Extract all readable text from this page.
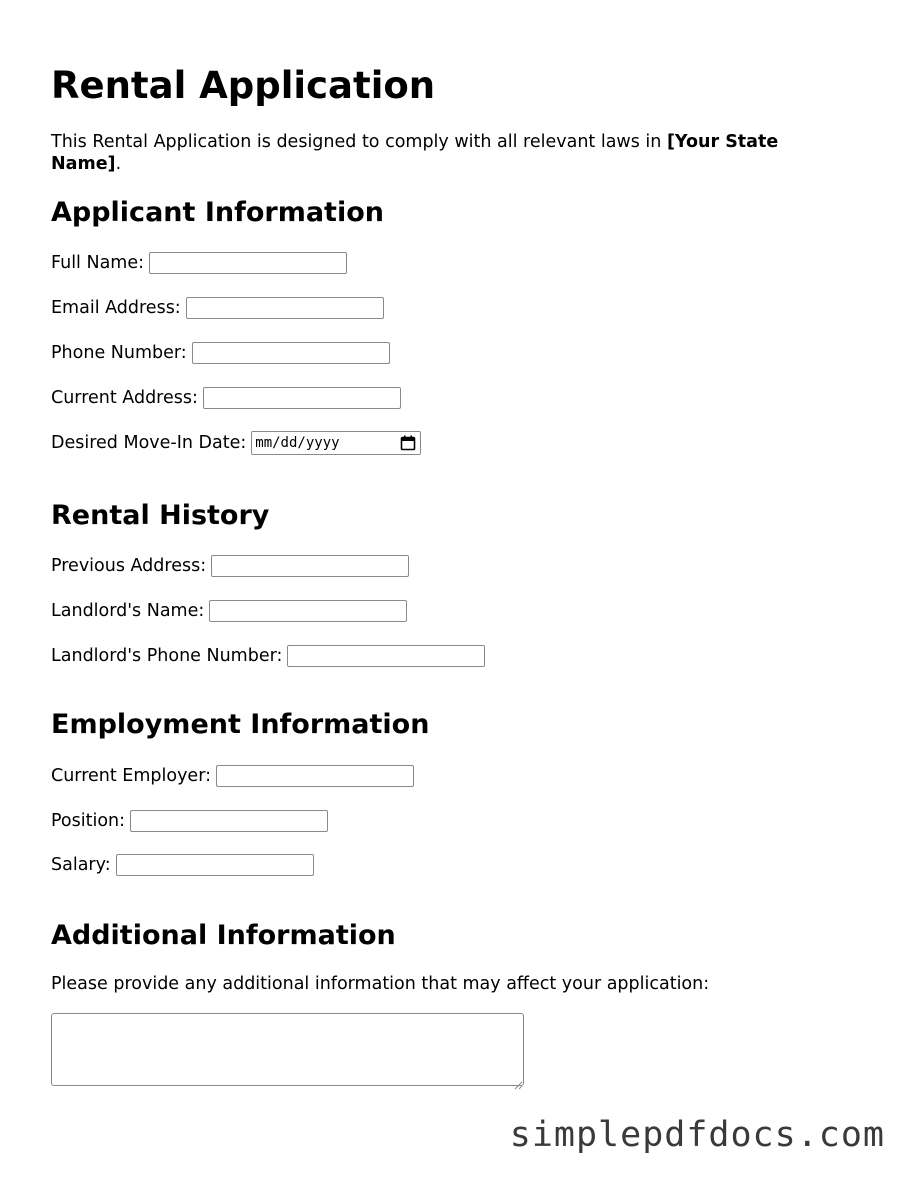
Rental Application

This Rental Application is designed to comply with all relevant laws in [Your State Name].

Applicant Information
Full Name:
Email Address:
Phone Number:
Current Address:
Desired Move-In Date: mm/dd/yyyy
Rental History
Previous Address:
Landlord's Name:
Landlord's Phone Number:
Employment Information
Current Employer:
Position:
Salary:
Additional Information

Please provide any additional information that may affect your application:

simplepdfdocs.com
